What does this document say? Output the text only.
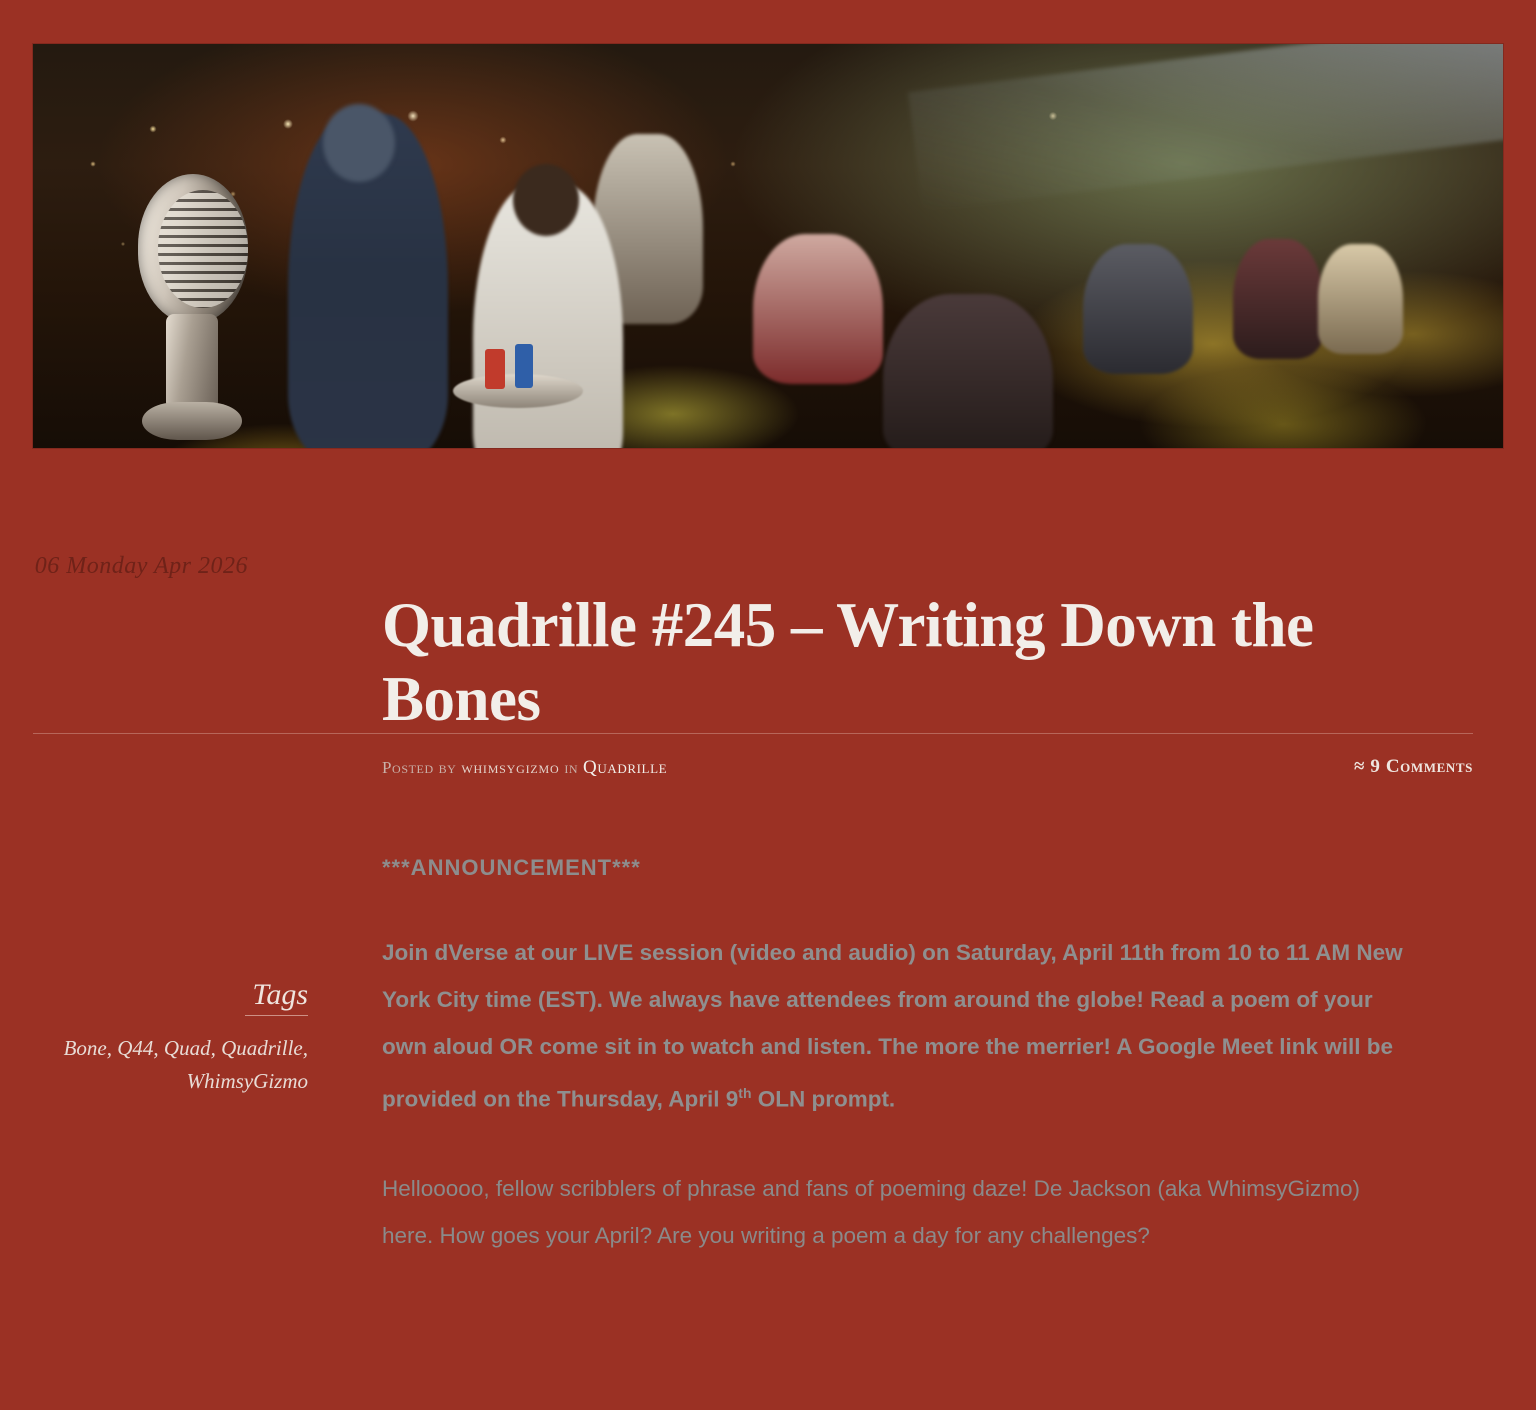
06 Monday Apr 2026
Quadrille #245 – Writing Down the Bones
Posted by whimsygizmo in Quadrille	≈ 9 Comments
Tags
Bone, Q44, Quad, Quadrille, WhimsyGizmo
***ANNOUNCEMENT***

Join dVerse at our LIVE session (video and audio) on Saturday, April 11th from 10 to 11 AM New York City time (EST). We always have attendees from around the globe! Read a poem of your own aloud OR come sit in to watch and listen. The more the merrier! A Google Meet link will be provided on the Thursday, April 9th OLN prompt.

Hellooooo, fellow scribblers of phrase and fans of poeming daze! De Jackson (aka WhimsyGizmo) here. How goes your April? Are you writing a poem a day for any challenges?
